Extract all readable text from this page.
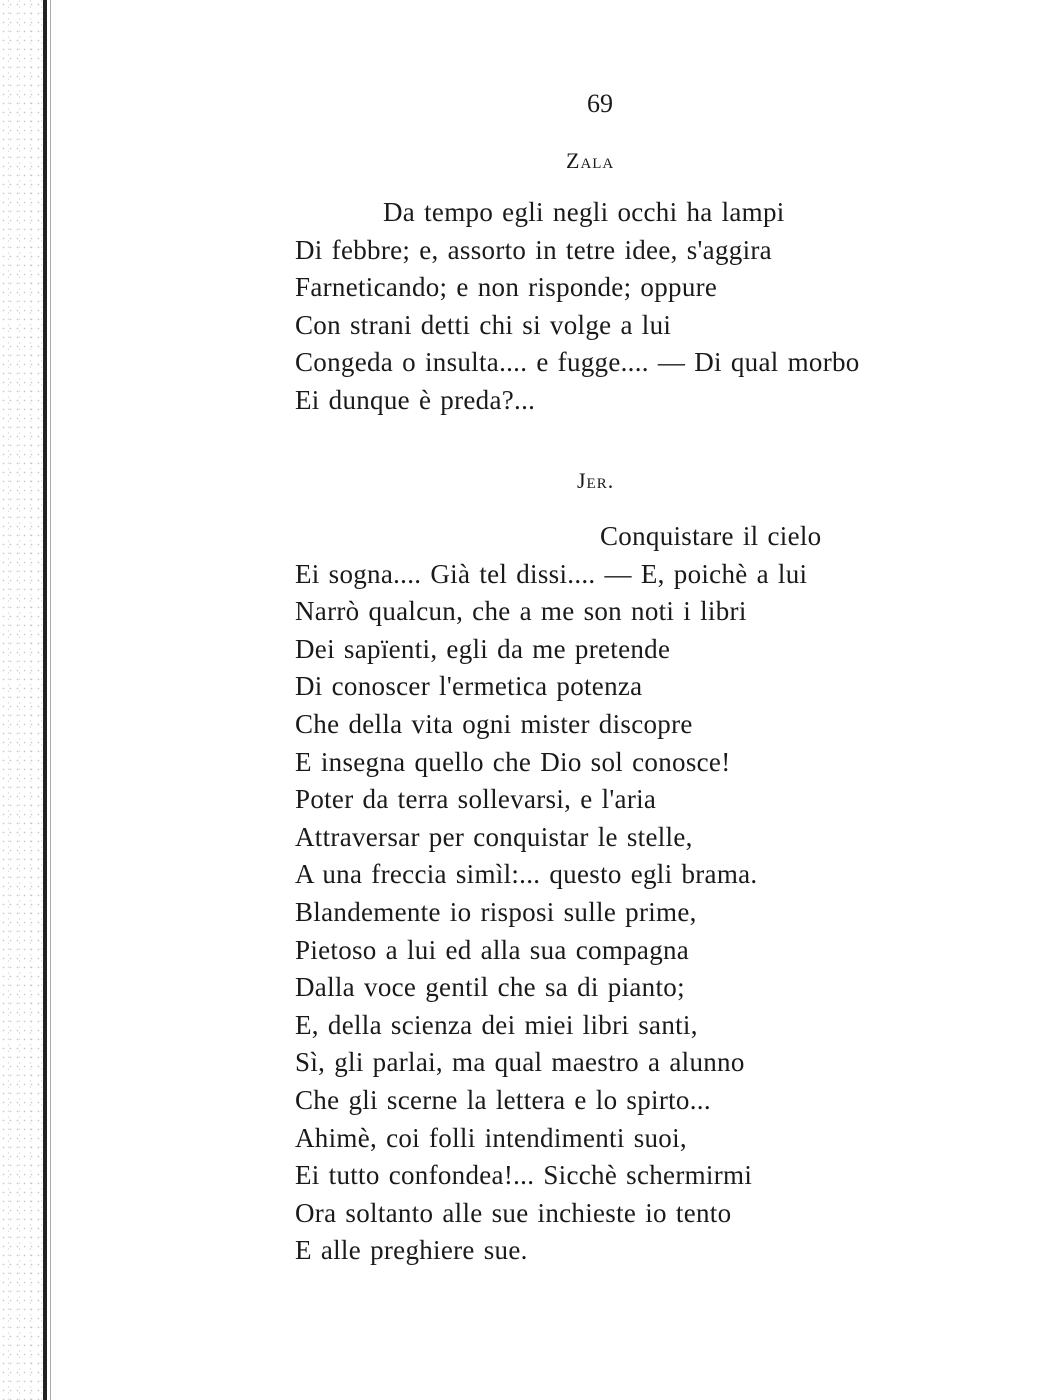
69
Zala
Da tempo egli negli occhi ha lampi
Di febbre; e, assorto in tetre idee, s'aggira
Farneticando; e non risponde; oppure
Con strani detti chi si volge a lui
Congeda o insulta.... e fugge.... — Di qual morbo
Ei dunque è preda?...
Jer.
Conquistare il cielo
Ei sogna.... Già tel dissi.... — E, poichè a lui
Narrò qualcun, che a me son noti i libri
Dei sapïenti, egli da me pretende
Di conoscer l'ermetica potenza
Che della vita ogni mister discopre
E insegna quello che Dio sol conosce!
Poter da terra sollevarsi, e l'aria
Attraversar per conquistar le stelle,
A una freccia simìl:... questo egli brama.
Blandemente io risposi sulle prime,
Pietoso a lui ed alla sua compagna
Dalla voce gentil che sa di pianto;
E, della scienza dei miei libri santi,
Sì, gli parlai, ma qual maestro a alunno
Che gli scerne la lettera e lo spirto...
Ahimè, coi folli intendimenti suoi,
Ei tutto confondea!... Sicchè schermirmi
Ora soltanto alle sue inchieste io tento
E alle preghiere sue.
